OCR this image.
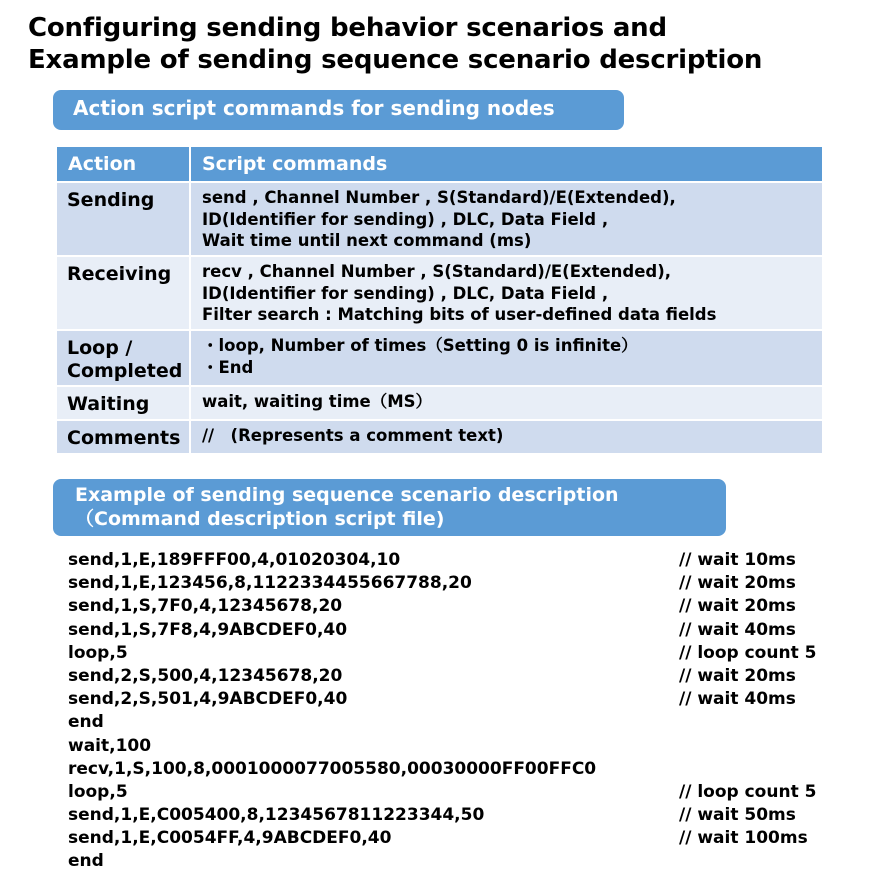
Configuring sending behavior scenarios and
Example of sending sequence scenario description
Action script commands for sending nodes
Action	Script commands
Sending	send , Channel Number , S(Standard)/E(Extended),
ID(Identifier for sending) , DLC, Data Field ,
Wait time until next command (ms)

Receiving	recv , Channel Number , S(Standard)/E(Extended),
ID(Identifier for sending) , DLC, Data Field ,
Filter search : Matching bits of user-defined data fields

Loop /
Completed	・loop, Number of times（Setting 0 is infinite）
・End

Waiting	wait, waiting time（MS）

Comments	//　(Represents a comment text)
Example of sending sequence scenario description
（Command description script file)
send,1,E,189FFF00,4,01020304,10	// wait 10ms
send,1,E,123456,8,1122334455667788,20	// wait 20ms
send,1,S,7F0,4,12345678,20	// wait 20ms
send,1,S,7F8,4,9ABCDEF0,40	// wait 40ms
loop,5	// loop count 5
send,2,S,500,4,12345678,20	// wait 20ms
send,2,S,501,4,9ABCDEF0,40	// wait 40ms
end
wait,100
recv,1,S,100,8,0001000077005580,00030000FF00FFC0
loop,5	// loop count 5
send,1,E,C005400,8,1234567811223344,50	// wait 50ms
send,1,E,C0054FF,4,9ABCDEF0,40	// wait 100ms
end
